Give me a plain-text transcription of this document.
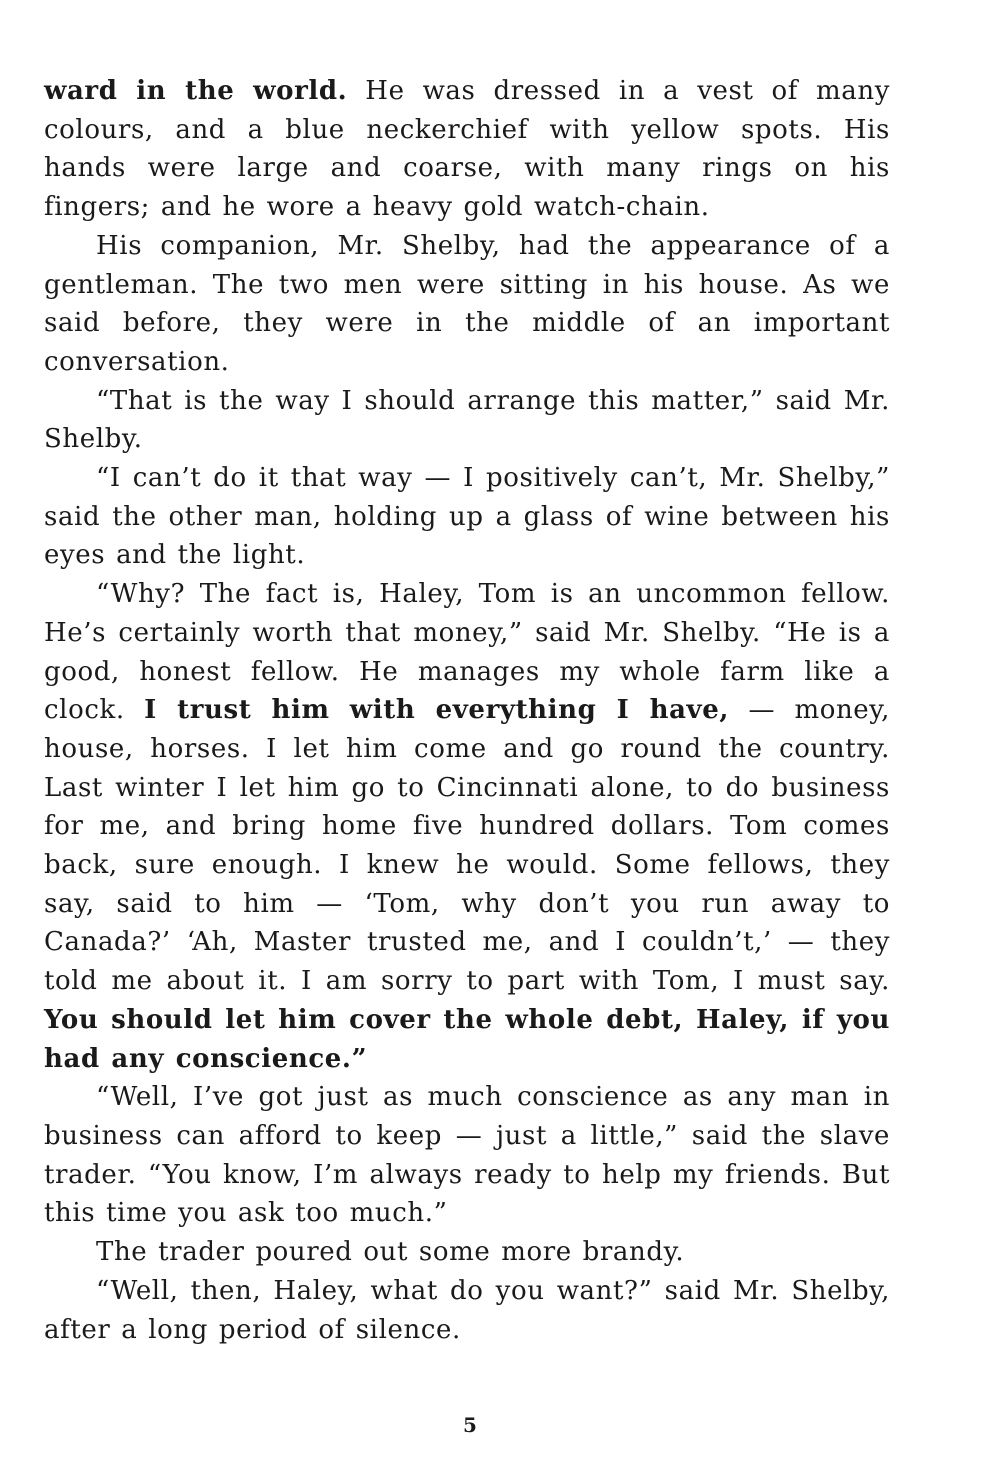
ward in the world. He was dressed in a vest of many colours, and a blue neckerchief with yellow spots. His hands were large and coarse, with many rings on his fingers; and he wore a heavy gold watch-chain.

His companion, Mr. Shelby, had the appearance of a gentleman. The two men were sitting in his house. As we said before, they were in the middle of an important conversation.

“That is the way I should arrange this matter,” said Mr. Shelby.

“I can’t do it that way — I positively can’t, Mr. Shelby,” said the other man, holding up a glass of wine between his eyes and the light.

“Why? The fact is, Haley, Tom is an uncommon fellow. He’s certainly worth that money,” said Mr. Shelby. “He is a good, honest fellow. He manages my whole farm like a clock. I trust him with everything I have, — money, house, horses. I let him come and go round the country. Last winter I let him go to Cincinnati alone, to do business for me, and bring home five hundred dollars. Tom comes back, sure enough. I knew he would. Some fellows, they say, said to him — ‘Tom, why don’t you run away to Canada?’ ‘Ah, Master trusted me, and I couldn’t,’ — they told me about it. I am sorry to part with Tom, I must say. You should let him cover the whole debt, Haley, if you had any conscience.”

“Well, I’ve got just as much conscience as any man in business can afford to keep — just a little,” said the slave trader. “You know, I’m always ready to help my friends. But this time you ask too much.”

The trader poured out some more brandy.

“Well, then, Haley, what do you want?” said Mr. Shelby, after a long period of silence.

5
